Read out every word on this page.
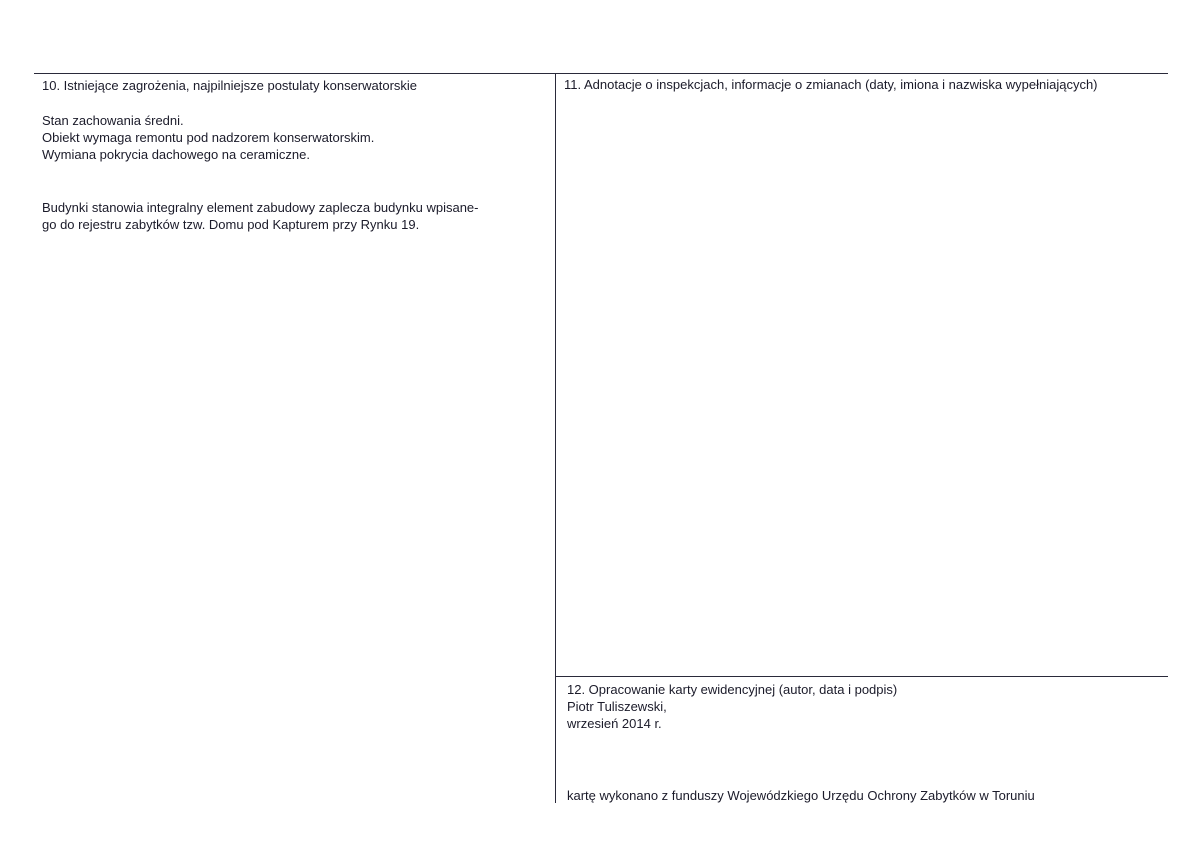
10. Istniejące zagrożenia, najpilniejsze postulaty konserwatorskie
Stan zachowania średni.
Obiekt wymaga remontu pod nadzorem konserwatorskim.
Wymiana pokrycia dachowego na ceramiczne.
Budynki stanowia integralny element zabudowy zaplecza budynku wpisane-
go do rejestru zabytków tzw. Domu pod Kapturem przy Rynku 19.
11. Adnotacje o inspekcjach, informacje o zmianach (daty, imiona i nazwiska wypełniających)
12. Opracowanie karty ewidencyjnej (autor, data i podpis)
Piotr Tuliszewski,
wrzesień 2014 r.
kartę wykonano z funduszy Wojewódzkiego Urzędu Ochrony Zabytków w Toruniu
